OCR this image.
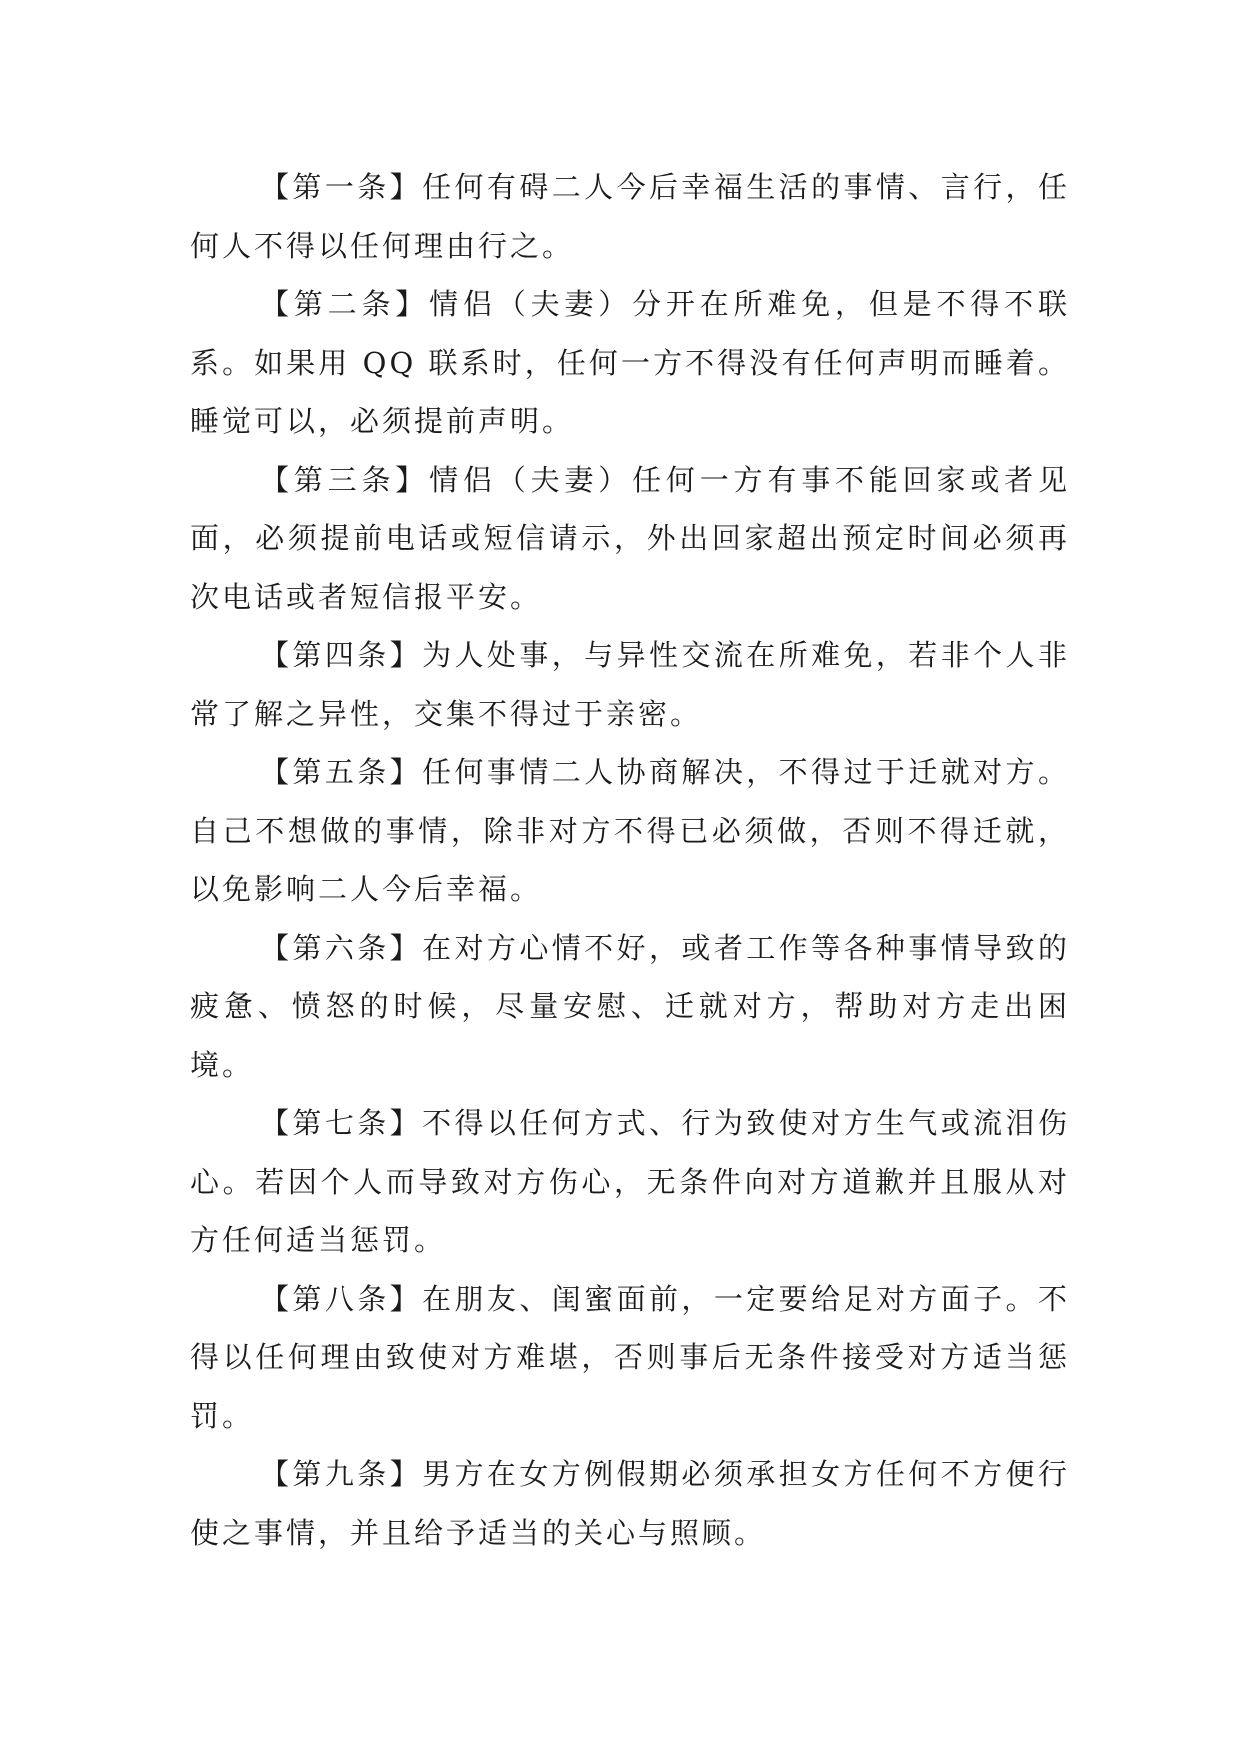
【第一条】任何有碍二人今后幸福生活的事情、言行，任何人不得以任何理由行之。

【第二条】情侣（夫妻）分开在所难免，但是不得不联系。如果用 QQ 联系时，任何一方不得没有任何声明而睡着。睡觉可以，必须提前声明。

【第三条】情侣（夫妻）任何一方有事不能回家或者见面，必须提前电话或短信请示，外出回家超出预定时间必须再次电话或者短信报平安。

【第四条】为人处事，与异性交流在所难免，若非个人非常了解之异性，交集不得过于亲密。

【第五条】任何事情二人协商解决，不得过于迁就对方。自己不想做的事情，除非对方不得已必须做，否则不得迁就，以免影响二人今后幸福。

【第六条】在对方心情不好，或者工作等各种事情导致的疲惫、愤怒的时候，尽量安慰、迁就对方，帮助对方走出困境。

【第七条】不得以任何方式、行为致使对方生气或流泪伤心。若因个人而导致对方伤心，无条件向对方道歉并且服从对方任何适当惩罚。

【第八条】在朋友、闺蜜面前，一定要给足对方面子。不得以任何理由致使对方难堪，否则事后无条件接受对方适当惩罚。

【第九条】男方在女方例假期必须承担女方任何不方便行使之事情，并且给予适当的关心与照顾。
